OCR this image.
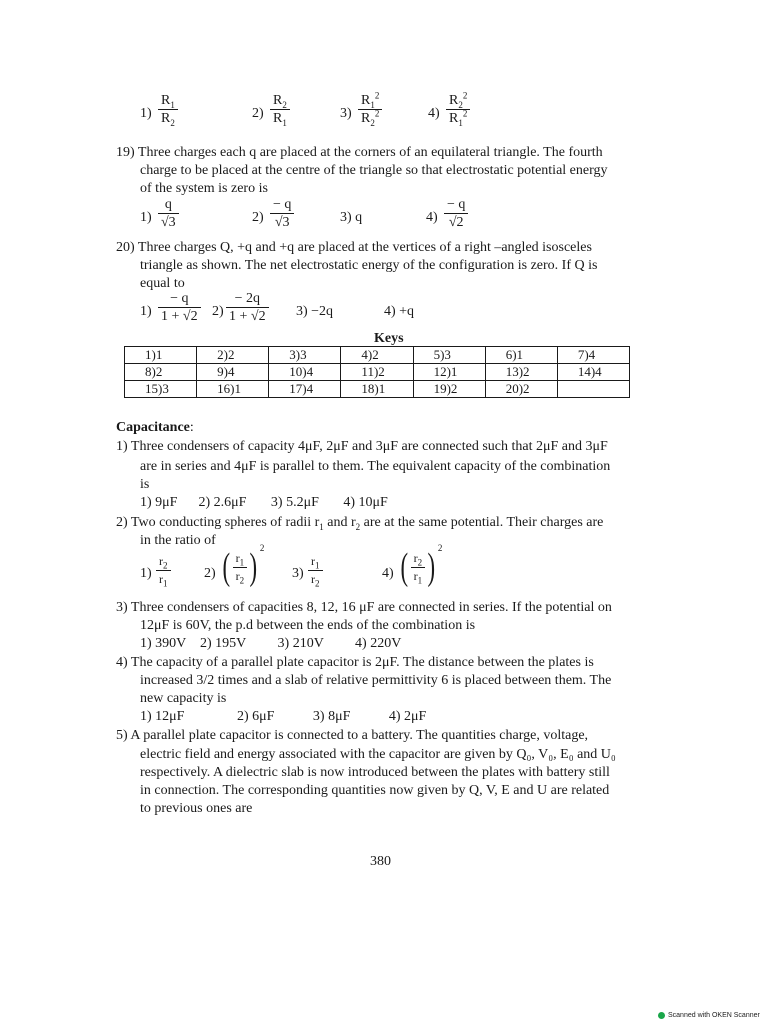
$1) \frac{R_1}{R_2}$	$2) \frac{R_2}{R_1}$	$3) \frac{R_1^2}{R_2^2}$	$4) \frac{R_2^2}{R_1^2}$
19) Three charges each q are placed at the corners of an equilateral triangle. The fourth
charge to be placed at the centre of the triangle so that electrostatic potential energy
of the system is zero is
$1) \frac{q}{√3}$	$2) \frac{- q}{√3}$	3) q	$4) \frac{- q}{√2}$
20) Three charges Q, +q and +q are placed at the vertices of a right –angled isosceles
triangle as shown. The net electrostatic energy of the configuration is zero. If Q is
equal to
$1) \frac{- q}{1 + √2} 2) \frac{- 2q}{1 + √2} 3) -2q$	4) +q
Keys
1)1	2)2	3)3	4)2	5)3	6)1	7)4
8)2	9)4	10)4	11)2	12)1	13)2	14)4
15)3	16)1	17)4	18)1	19)2	20)2	
Capacitance:
1) Three condensers of capacity 4μF, 2μF and 3μF are connected such that 2μF and 3μF
are in series and 4μF is parallel to them. The equivalent capacity of the combination
is
1) 9μF      2) 2.6μF       3) 5.2μF       4) 10μF
2) Two conducting spheres of radii $r_1$ and $r_2$ are at the same potential. Their charges are
in the ratio of
$1) \frac{r_2}{r_1} 2$) ( $\frac{r_1}{r_2}$ ) $^2$
$3) \frac{r_1}{r_2}$	4) ( $\frac{r_2}{r_1}$ ) $^2$
3) Three condensers of capacities 8, 12, 16 μF are connected in series. If the potential on
12μF is 60V, the p.d between the ends of the combination is
1) 390V    2) 195V         3) 210V         4) 220V
4) The capacity of a parallel plate capacitor is 2μF. The distance between the plates is
increased 3/2 times and a slab of relative permittivity 6 is placed between them. The
new capacity is
1) 12μF               2) 6μF           3) 8μF           4) 2μF
5) A parallel plate capacitor is connected to a battery. The quantities charge, voltage,
electric field and energy associated with the capacitor are given by Q₀, V₀, E₀ and U₀
respectively. A dielectric slab is now introduced between the plates with battery still
in connection. The corresponding quantities now given by Q, V, E and U are related
to previous ones are
380
Scanned with OKEN Scanner
